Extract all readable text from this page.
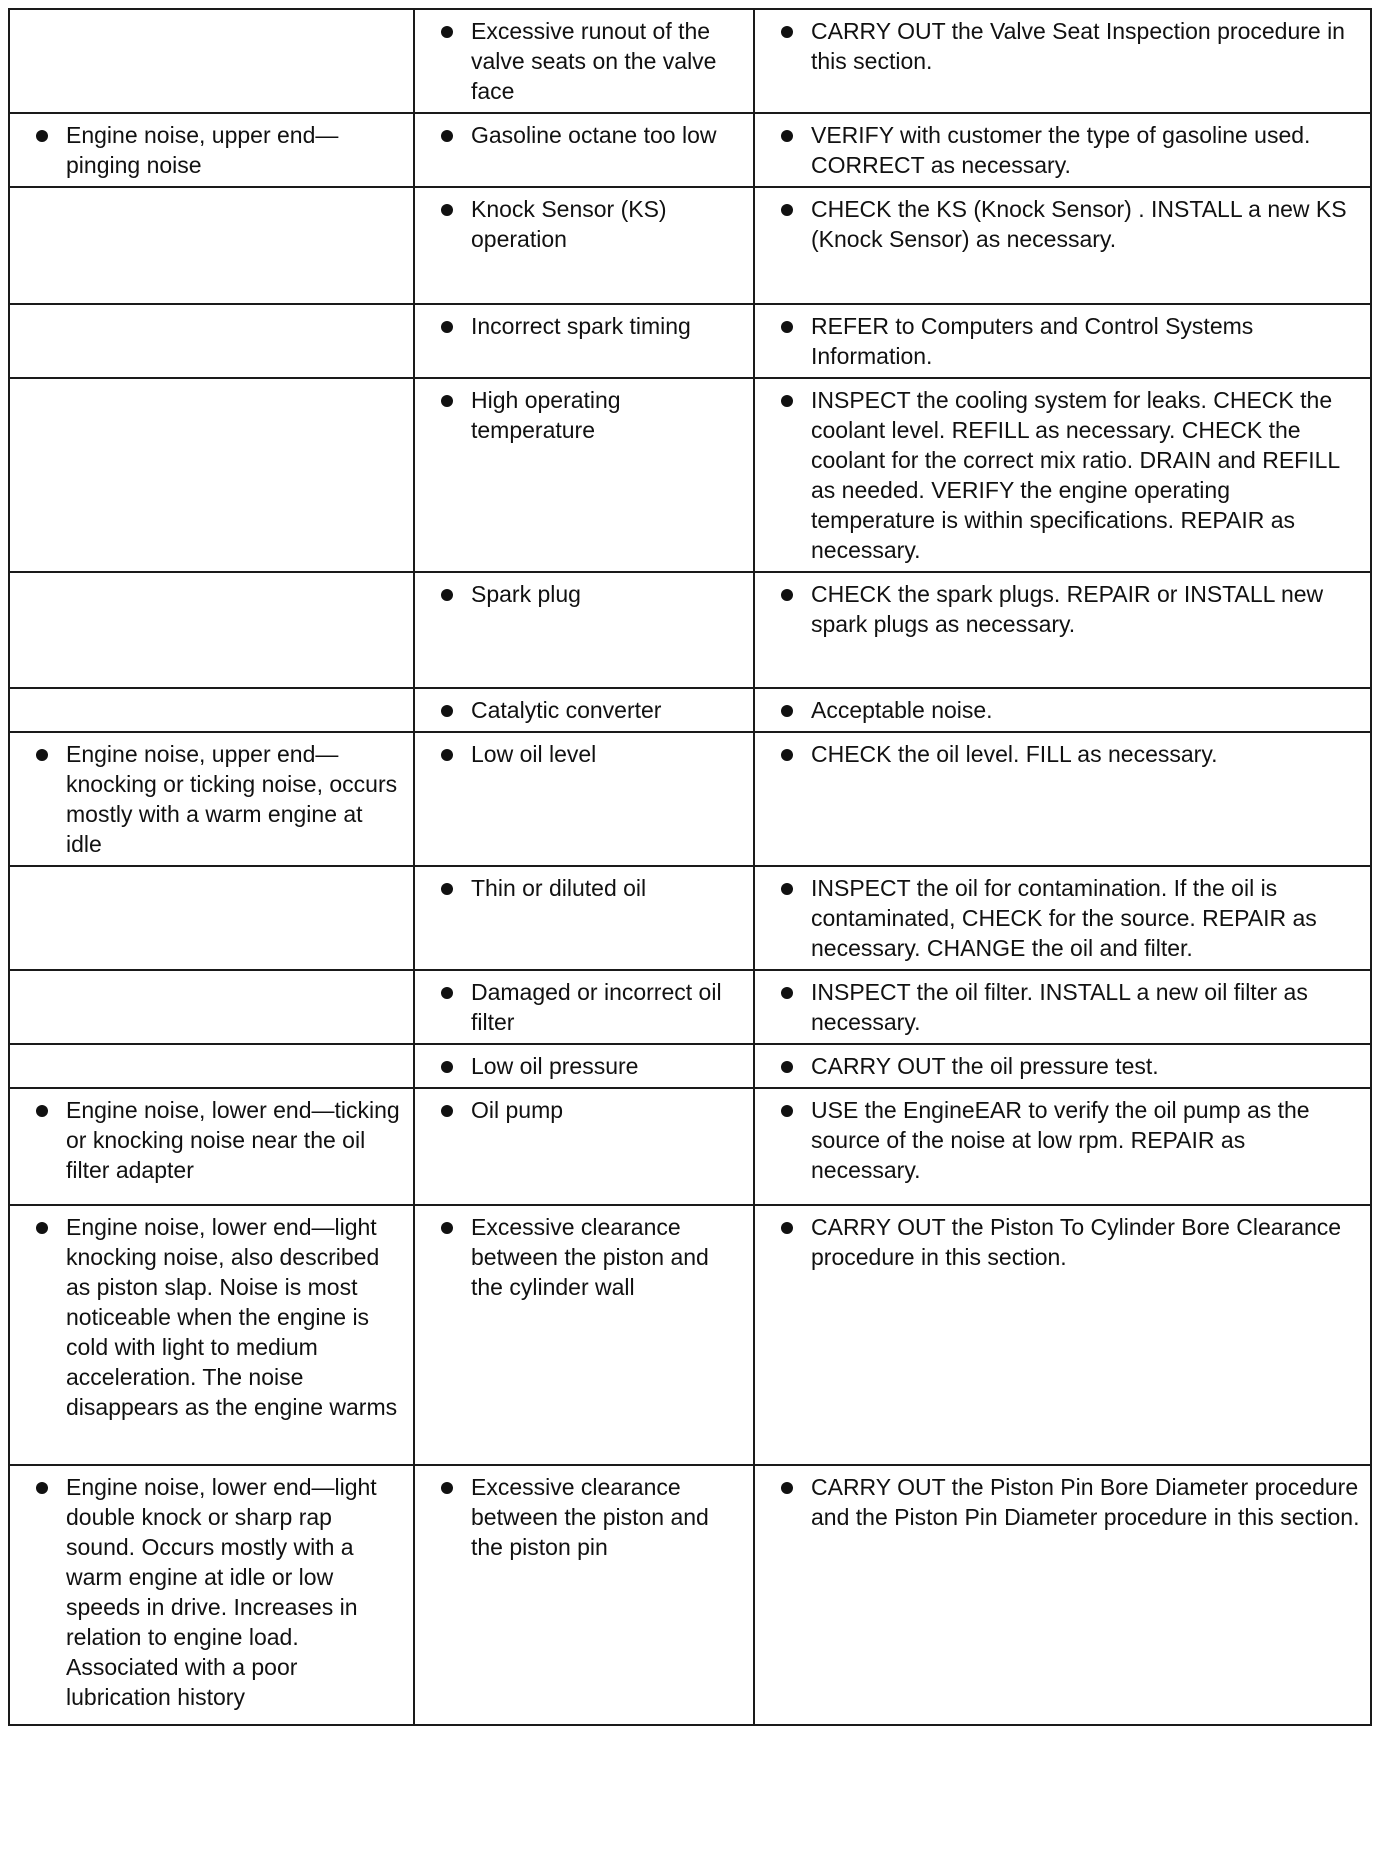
	Excessive runout of the valve seats on the valve face	CARRY OUT the Valve Seat Inspection procedure in this section.

Engine noise, upper end—pinging noise	Gasoline octane too low	VERIFY with customer the type of gasoline used. CORRECT as necessary.

	Knock Sensor (KS) operation	CHECK the KS (Knock Sensor) . INSTALL a new KS (Knock Sensor) as necessary.

	Incorrect spark timing	REFER to Computers and Control Systems Information.

	High operating temperature	INSPECT the cooling system for leaks. CHECK the coolant level. REFILL as necessary. CHECK the coolant for the correct mix ratio. DRAIN and REFILL as needed. VERIFY the engine operating temperature is within specifications. REPAIR as necessary.

	Spark plug	CHECK the spark plugs. REPAIR or INSTALL new spark plugs as necessary.

	Catalytic converter	Acceptable noise.

Engine noise, upper end—knocking or ticking noise, occurs mostly with a warm engine at idle	Low oil level	CHECK the oil level. FILL as necessary.

	Thin or diluted oil	INSPECT the oil for contamination. If the oil is contaminated, CHECK for the source. REPAIR as necessary. CHANGE the oil and filter.

	Damaged or incorrect oil filter	INSPECT the oil filter. INSTALL a new oil filter as necessary.

	Low oil pressure	CARRY OUT the oil pressure test.

Engine noise, lower end—ticking or knocking noise near the oil filter adapter	Oil pump	USE the EngineEAR to verify the oil pump as the source of the noise at low rpm. REPAIR as necessary.

Engine noise, lower end—light knocking noise, also described as piston slap. Noise is most noticeable when the engine is cold with light to medium acceleration. The noise disappears as the engine warms	Excessive clearance between the piston and the cylinder wall	CARRY OUT the Piston To Cylinder Bore Clearance procedure in this section.

Engine noise, lower end—light double knock or sharp rap sound. Occurs mostly with a warm engine at idle or low speeds in drive. Increases in relation to engine load. Associated with a poor lubrication history	Excessive clearance between the piston and the piston pin	CARRY OUT the Piston Pin Bore Diameter procedure and the Piston Pin Diameter procedure in this section.
